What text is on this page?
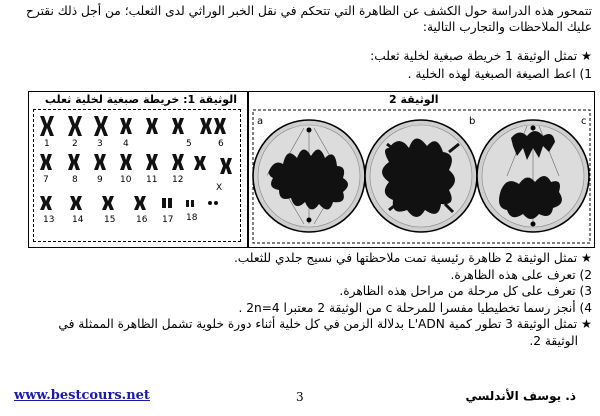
تتمحور هذه الدراسة حول الكشف عن الظاهرة التي تتحكم في نقل الخبر الوراثي لدى الثعلب؛ من أجل ذلك نقترح
عليك الملاحظات والتجارب التالية:
★ تمثل الوثيقة 1 خريطة صبغية لخلية ثعلب:
1) اعط الصيغة الصبغية لهذه الخلية .
الوثيقة 2
a	b	c
الوثيقة 1: خريطة صبغية لخلية ثعلب
1 2 3 4	5	6
7	8 9 10 11 12
13 14 15 16 17 18
X
★ تمثل الوثيقة 2 ظاهرة رئيسية تمت ملاحظتها في نسيج جلدي للثعلب.
2) تعرف على هذه الظاهرة.
3) تعرف على كل مرحلة من مراحل هذه الظاهرة.
4) أنجز رسما تخطيطيا مفسرا للمرحلة c من الوثيقة 2 معتبرا 2n=4 .
★ تمثل الوثيقة 3 تطور كمية L'ADN بدلالة الزمن في كل خلية أثناء دورة خلوية تشمل الظاهرة الممثلة في
الوثيقة 2.
www.bestcours.net	3	ذ. يوسف الأندلسي
